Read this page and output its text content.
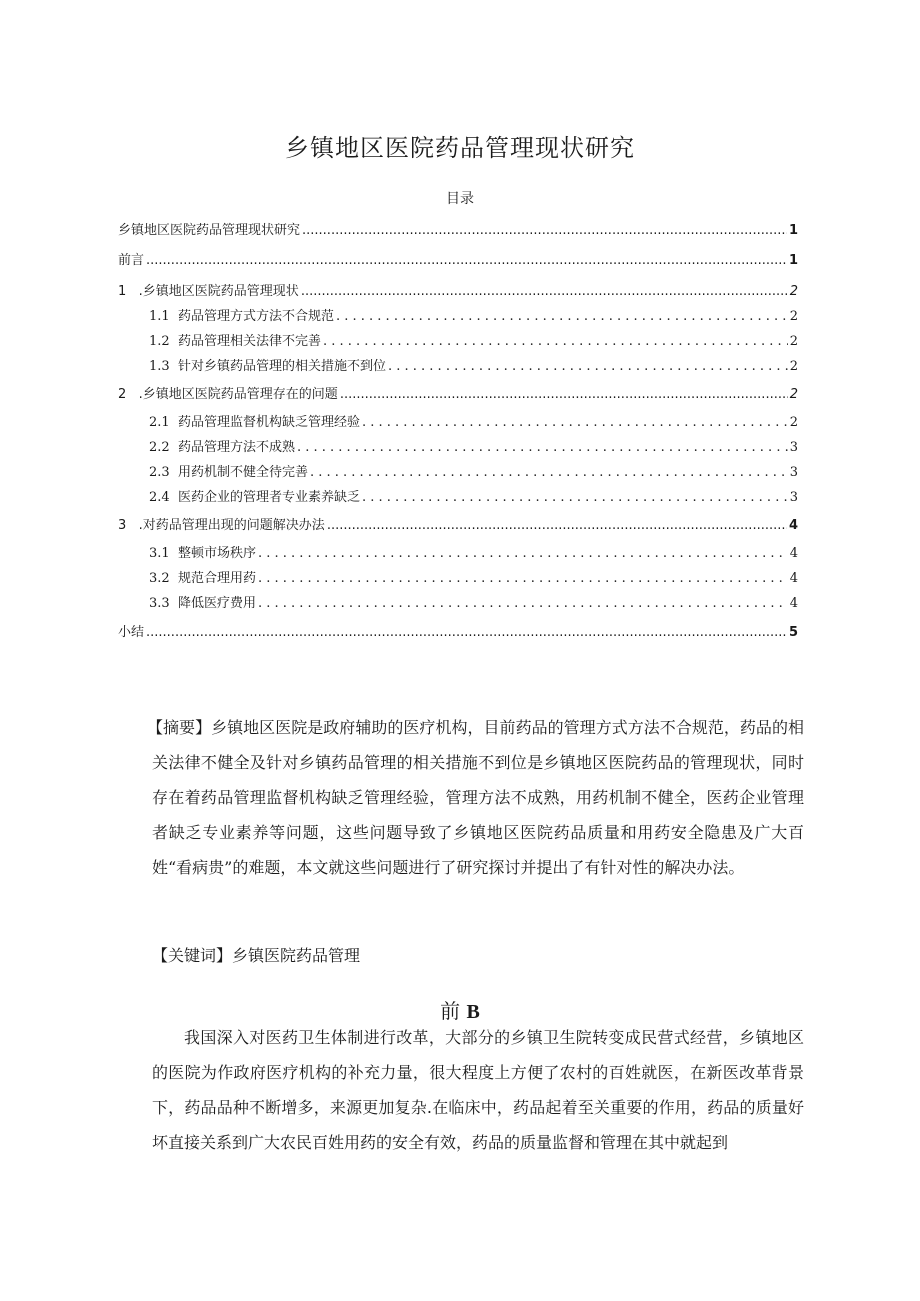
乡镇地区医院药品管理现状研究
目录
乡镇地区医院药品管理现状研究 .....	1
前言 .....	1
1 .乡镇地区医院药品管理现状 .....	2
1.1 药品管理方式方法不合规范 . . .	2
1.2 药品管理相关法律不完善 . . .	2
1.3 针对乡镇药品管理的相关措施不到位 . . .	2
2 .乡镇地区医院药品管理存在的问题 .....	2
2.1 药品管理监督机构缺乏管理经验 . . .	2
2.2 药品管理方法不成熟 . . .	3
2.3 用药机制不健全待完善 . . .	3
2.4 医药企业的管理者专业素养缺乏 . . .	3
3 .对药品管理出现的问题解决办法 .....	4
3.1 整顿市场秩序 . . .	4
3.2 规范合理用药 . . .	4
3.3 降低医疗费用 . . .	4
小结 .....	5
【摘要】乡镇地区医院是政府辅助的医疗机构，目前药品的管理方式方法不合规范，药品的相关法律不健全及针对乡镇药品管理的相关措施不到位是乡镇地区医院药品的管理现状，同时存在着药品管理监督机构缺乏管理经验，管理方法不成熟，用药机制不健全，医药企业管理者缺乏专业素养等问题，这些问题导致了乡镇地区医院药品质量和用药安全隐患及广大百姓“看病贵”的难题，本文就这些问题进行了研究探讨并提出了有针对性的解决办法。
【关键词】乡镇医院药品管理
前 B
我国深入对医药卫生体制进行改革，大部分的乡镇卫生院转变成民营式经营，乡镇地区的医院为作政府医疗机构的补充力量，很大程度上方便了农村的百姓就医，在新医改革背景下，药品品种不断增多，来源更加复杂.在临床中，药品起着至关重要的作用，药品的质量好坏直接关系到广大农民百姓用药的安全有效，药品的质量监督和管理在其中就起到
